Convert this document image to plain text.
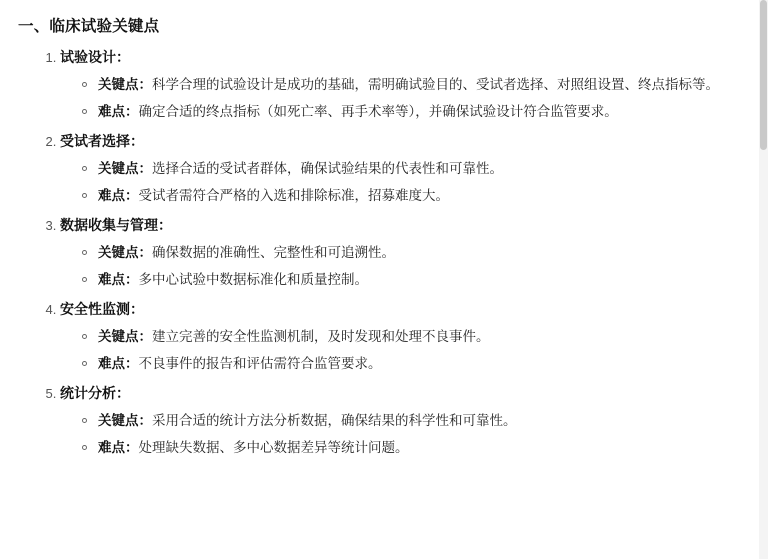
一、临床试验关键点
1. 试验设计：
关键点：科学合理的试验设计是成功的基础，需明确试验目的、受试者选择、对照组设置、终点指标等。
难点：确定合适的终点指标（如死亡率、再手术率等），并确保试验设计符合监管要求。
2. 受试者选择：
关键点：选择合适的受试者群体，确保试验结果的代表性和可靠性。
难点：受试者需符合严格的入选和排除标准，招募难度大。
3. 数据收集与管理：
关键点：确保数据的准确性、完整性和可追溯性。
难点：多中心试验中数据标准化和质量控制。
4. 安全性监测：
关键点：建立完善的安全性监测机制，及时发现和处理不良事件。
难点：不良事件的报告和评估需符合监管要求。
5. 统计分析：
关键点：采用合适的统计方法分析数据，确保结果的科学性和可靠性。
难点：处理缺失数据、多中心数据差异等统计问题。
